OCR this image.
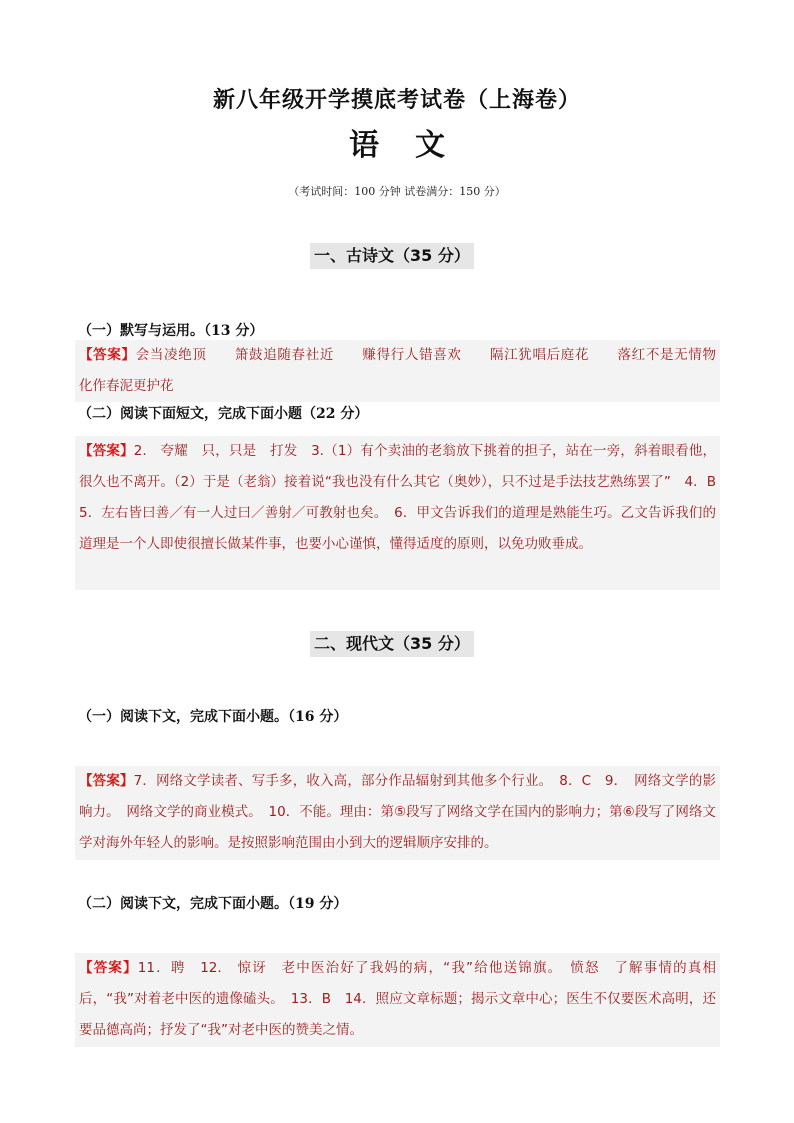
新八年级开学摸底考试卷（上海卷）
语文
（考试时间：100 分钟 试卷满分：150 分）
一、古诗文（35 分）
（一）默写与运用。（13 分）
【答案】会当凌绝顶　　箫鼓追随春社近　　赚得行人错喜欢　　隔江犹唱后庭花　　落红不是无情物　　化作春泥更护花
（二）阅读下面短文，完成下面小题（22 分）
【答案】2.　夸耀　只，只是　打发　3.（1）有个卖油的老翁放下挑着的担子，站在一旁，斜着眼看他，很久也不离开。（2）于是（老翁）接着说“我也没有什么其它（奥妙），只不过是手法技艺熟练罢了”　4．B　5．左右皆曰善／有一人过曰／善射／可教射也矣。　6．甲文告诉我们的道理是熟能生巧。乙文告诉我们的道理是一个人即使很擅长做某件事，也要小心谨慎，懂得适度的原则，以免功败垂成。
二、现代文（35 分）
（一）阅读下文，完成下面小题。（16 分）
【答案】7．网络文学读者、写手多，收入高，部分作品辐射到其他多个行业。　8．C　9．　网络文学的影响力。　网络文学的商业模式。　10．不能。理由：第⑤段写了网络文学在国内的影响力；第⑥段写了网络文学对海外年轻人的影响。是按照影响范围由小到大的逻辑顺序安排的。
（二）阅读下文，完成下面小题。（19 分）
【答案】11．聘　12.　惊讶　老中医治好了我妈的病，“我”给他送锦旗。　愤怒　了解事情的真相后，“我”对着老中医的遗像磕头。　13．B　14．照应文章标题；揭示文章中心；医生不仅要医术高明，还要品德高尚；抒发了“我”对老中医的赞美之情。
